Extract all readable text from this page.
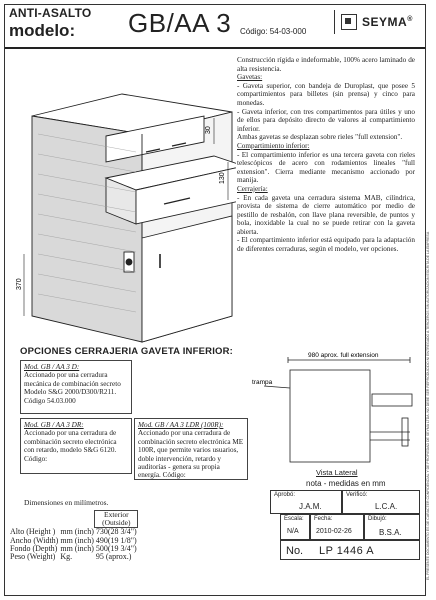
ANTI-ASALTO
modelo: GB/AA 3 Código: 54-03-000
SEYMA®
30
130
370

Construcción rígida e indeformable, 100% acero laminado de alta resistencia.

Gavetas:

- Gaveta superior, con bandeja de Duroplast, que posee 5 compartimientos para billetes (sin prensa) y cinco para monedas.

- Gaveta inferior, con tres compartimentos para útiles y uno de ellos para depósito directo de valores al compartimiento inferior.

Ambas gavetas se desplazan sobre rieles "full extension".

Compartimiento inferior:

- El compartimiento inferior es una tercera gaveta con rieles telescópicos de acero con rodamientos lineales "full extension". Cierra mediante mecanismo accionado por manija.

Cerrajería:

- En cada gaveta una cerradura sistema MAB, cilíndrica, provista de sistema de cierre automático por medio de pestillo de resbalón, con llave plana reversible, de puntos y bola, inoxidable la cual no se puede retirar con la gaveta abierta.

- El compartimiento inferior está equipado para la adaptación de diferentes cerraduras, según el modelo, ver opciones.

OPCIONES CERRAJERIA GAVETA INFERIOR:
Mod. GB / AA 3 D:
Accionado por una cerradura mecánica de combinación secreto Modelo S&G 2000/D300/R211.
Código 54.03.000
Mod. GB / AA 3 DR:
Accionado por una cerradura de combinación secreto electrónica con retardo, modelo S&G 6120.
Código:
Mod. GB / AA 3 LDR (100R):
Accionado por una cerradura de combinación secreto electrónica ME 100R, que permite varios usuarios, doble intervención, retardo y auditorías - genera su propia energía. Código:
Dimensiones en milímetros.
		Exterior
(Outside)
Alto (Height )	mm (inch)	730(28 3/4")
Ancho (Width)	mm (inch)	490(19 1/8")
Fondo (Depth)	mm (inch)	500(19 3/4")
Peso (Weight)	Kg.	95 (aprox.)
980 aprox. full extension
trampa
Vista Lateral
nota - medidas en mm
Aprobó:
J.A.M.
Verificó:
L.C.A.
Escala:
N/A
Fecha:
2010-02-26
Dibujó:
B.S.A.
No. LP 1446 A	EL PRESENTE DOCUMENTO ES DE CARACTER CONFIDENCIAL Y DE PROPIEDAD DE SEYMA LTDA. NO DEBE SER REPRODUCIDO NI ENTREGADO A TERCEROS SIN AUTORIZACION ESCRITA DE LA EMPRESA
